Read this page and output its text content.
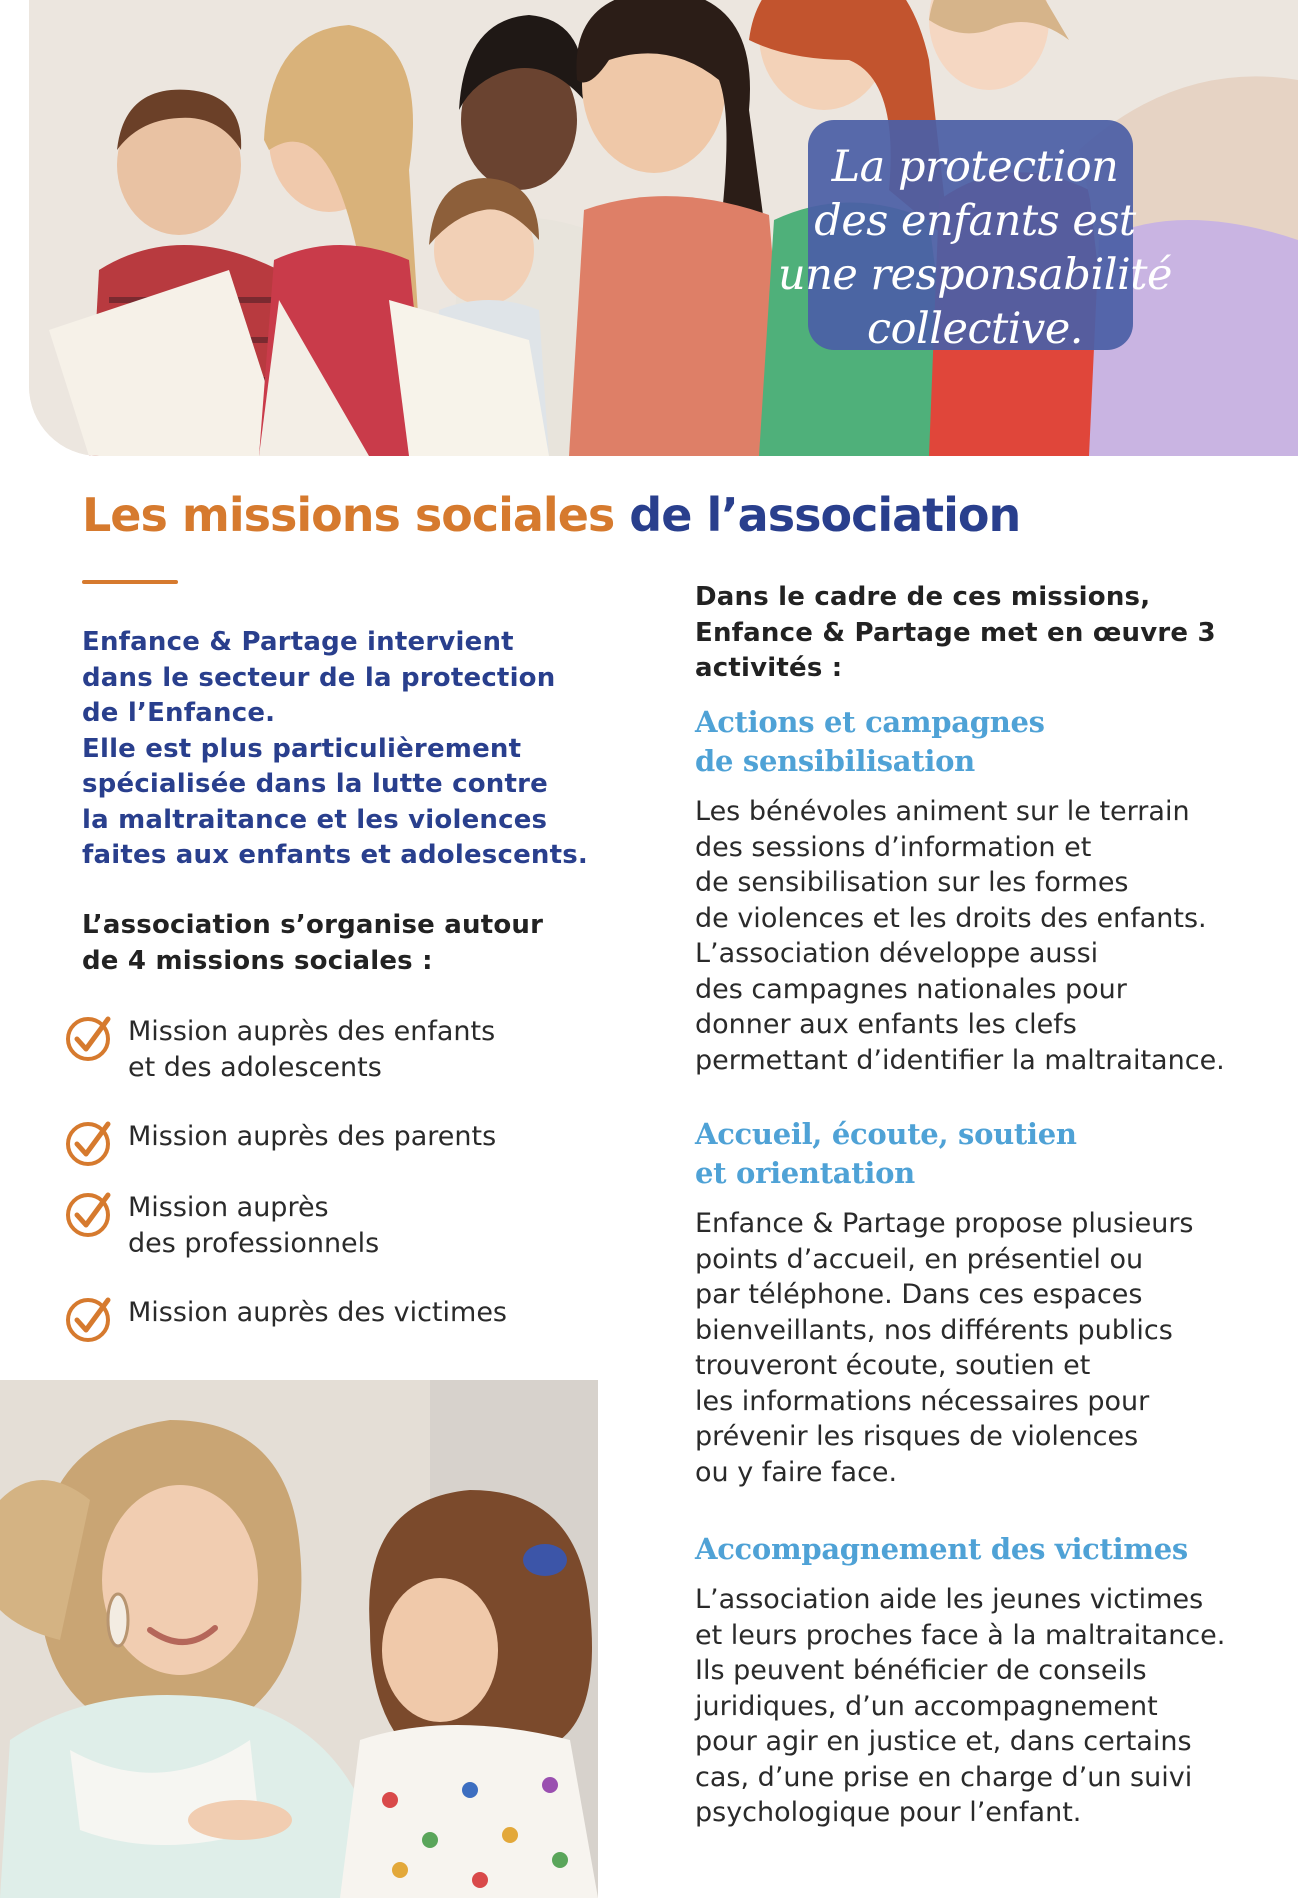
La protection
des enfants est
une responsabilité
collective.
Les missions sociales de l’association
Enfance & Partage intervient
dans le secteur de la protection
de l’Enfance.
Elle est plus particulièrement
spécialisée dans la lutte contre
la maltraitance et les violences
faites aux enfants et adolescents.
L’association s’organise autour
de 4 missions sociales :
Mission auprès des enfants
et des adolescents
Mission auprès des parents
Mission auprès
des professionnels
Mission auprès des victimes
Dans le cadre de ces missions,
Enfance & Partage met en œuvre 3
activités :
Actions et campagnes
de sensibilisation

Les bénévoles animent sur le terrain
des sessions d’information et
de sensibilisation sur les formes
de violences et les droits des enfants.
L’association développe aussi
des campagnes nationales pour
donner aux enfants les clefs
permettant d’identifier la maltraitance.

Accueil, écoute, soutien
et orientation

Enfance & Partage propose plusieurs
points d’accueil, en présentiel ou
par téléphone. Dans ces espaces
bienveillants, nos différents publics
trouveront écoute, soutien et
les informations nécessaires pour
prévenir les risques de violences
ou y faire face.

Accompagnement des victimes

L’association aide les jeunes victimes
et leurs proches face à la maltraitance.
Ils peuvent bénéficier de conseils
juridiques, d’un accompagnement
pour agir en justice et, dans certains
cas, d’une prise en charge d’un suivi
psychologique pour l’enfant.
